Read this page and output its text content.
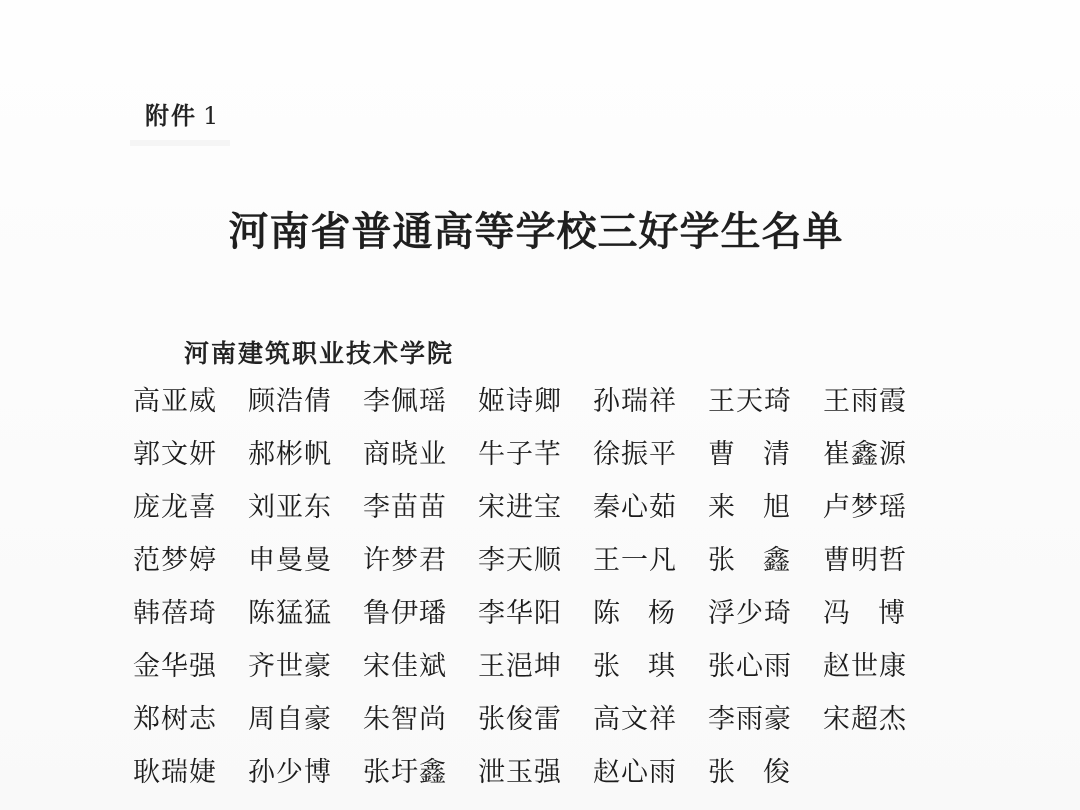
附件 1
河南省普通高等学校三好学生名单
河南建筑职业技术学院
高 亚 威 顾 浩 倩 李 佩 瑶 姬 诗 卿 孙 瑞 祥 王 天 琦 王 雨 霞
郭 文 妍 郝 彬 帆 商 晓 业 牛 子 芊 徐 振 平 曹 清 崔 鑫 源
庞 龙 喜 刘 亚 东 李 苗 苗 宋 进 宝 秦 心 茹 来 旭 卢 梦 瑶
范 梦 婷 申 曼 曼 许 梦 君 李 天 顺 王 一 凡 张 鑫 曹 明 哲
韩 蓓 琦 陈 猛 猛 鲁 伊 璠 李 华 阳 陈 杨 浮 少 琦 冯 博
金 华 强 齐 世 豪 宋 佳 斌 王 浥 坤 张 琪 张 心 雨 赵 世 康
郑 树 志 周 自 豪 朱 智 尚 张 俊 雷 高 文 祥 李 雨 豪 宋 超 杰
耿 瑞 婕 孙 少 博 张 圩 鑫 泄 玉 强 赵 心 雨 张 俊
